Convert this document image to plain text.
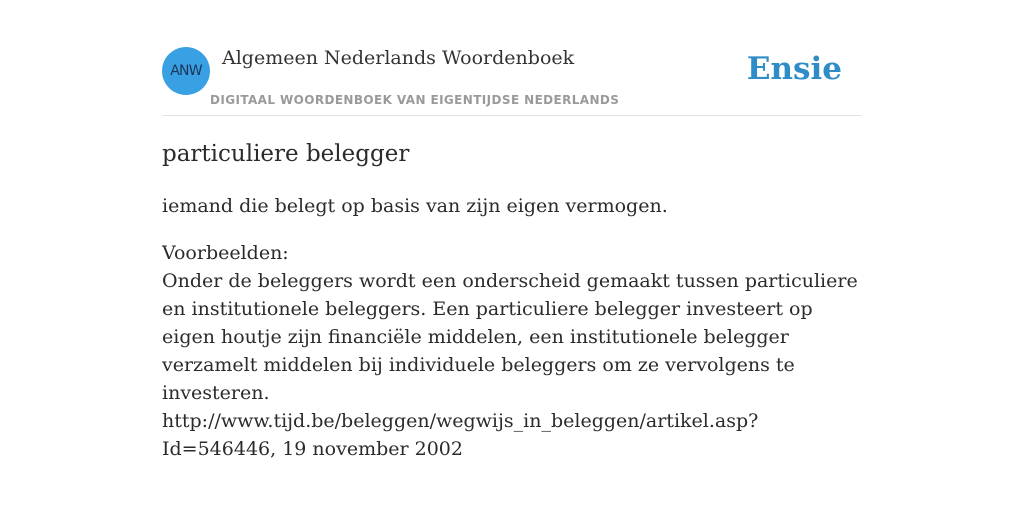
ANW
Algemeen Nederlands Woordenboek
DIGITAAL WOORDENBOEK VAN EIGENTIJDSE NEDERLANDS
Ensie
particuliere belegger

iemand die belegt op basis van zijn eigen vermogen.

Voorbeelden:
Onder de beleggers wordt een onderscheid gemaakt tussen particuliere en institutionele beleggers. Een particuliere belegger investeert op eigen houtje zijn financiële middelen, een institutionele belegger verzamelt middelen bij individuele beleggers om ze vervolgens te investeren.
http://www.tijd.be/beleggen/wegwijs_in_beleggen/artikel.asp?Id=546446, 19 november 2002
